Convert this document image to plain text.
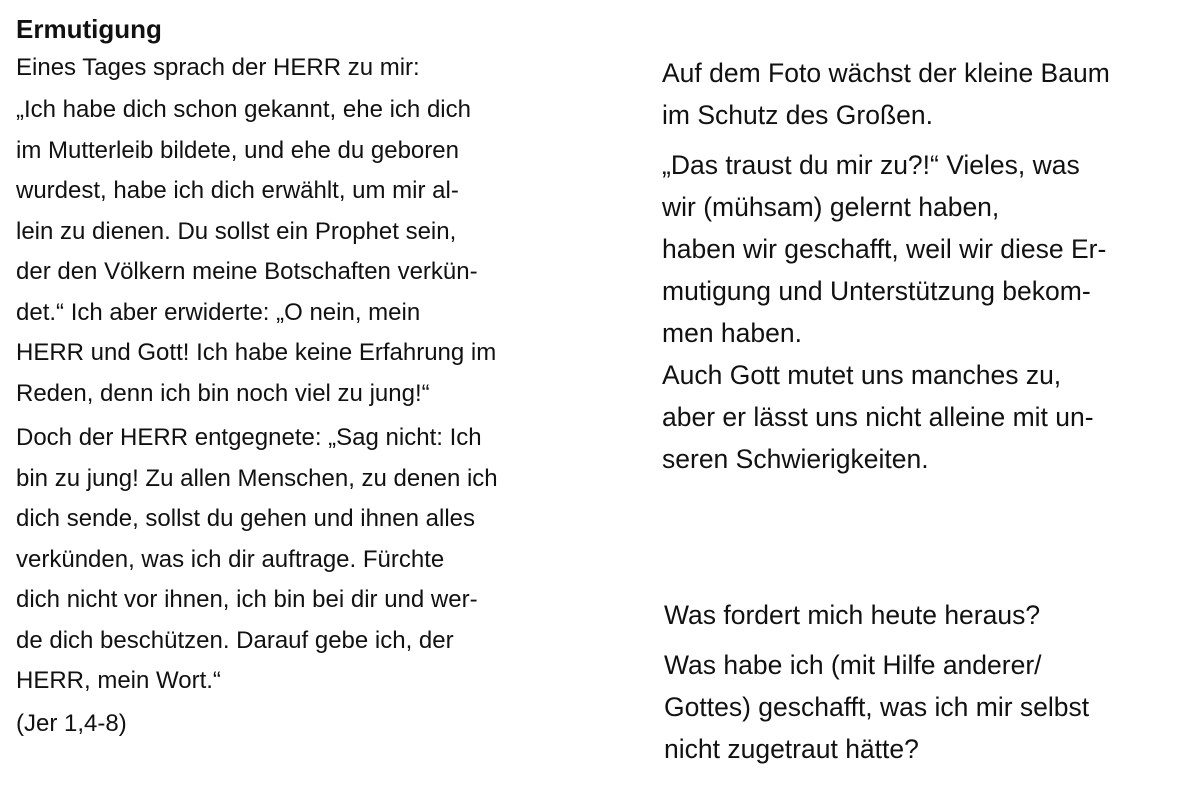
Ermutigung
Eines Tages sprach der HERR zu mir:
„Ich habe dich schon gekannt, ehe ich dich
im Mutterleib bildete, und ehe du geboren
wurdest, habe ich dich erwählt, um mir al-
lein zu dienen. Du sollst ein Prophet sein,
der den Völkern meine Botschaften verkün-
det.“ Ich aber erwiderte: „O nein, mein
HERR und Gott! Ich habe keine Erfahrung im
Reden, denn ich bin noch viel zu jung!“
Doch der HERR entgegnete: „Sag nicht: Ich
bin zu jung! Zu allen Menschen, zu denen ich
dich sende, sollst du gehen und ihnen alles
verkünden, was ich dir auftrage. Fürchte
dich nicht vor ihnen, ich bin bei dir und wer-
de dich beschützen. Darauf gebe ich, der
HERR, mein Wort.“
(Jer 1,4-8)
Auf dem Foto wächst der kleine Baum
im Schutz des Großen.
„Das traust du mir zu?!“ Vieles, was
wir (mühsam) gelernt haben,
haben wir geschafft, weil wir diese Er-
mutigung und Unterstützung bekom-
men haben.
Auch Gott mutet uns manches zu,
aber er lässt uns nicht alleine mit un-
seren Schwierigkeiten.
Was fordert mich heute heraus?
Was habe ich (mit Hilfe anderer/
Gottes) geschafft, was ich mir selbst
nicht zugetraut hätte?
